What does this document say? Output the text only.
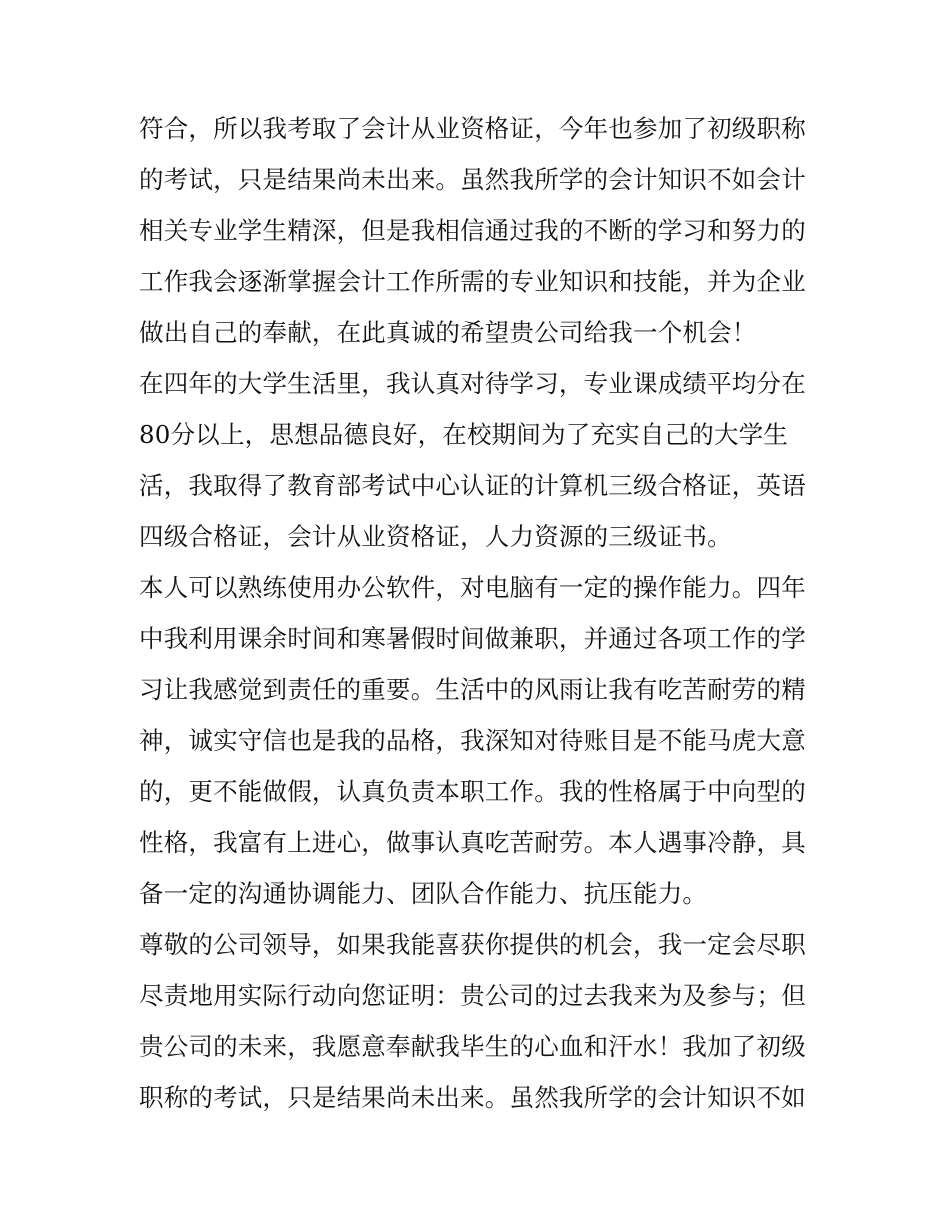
符合，所以我考取了会计从业资格证，今年也参加了初级职称的考试，只是结果尚未出来。虽然我所学的会计知识不如会计相关专业学生精深，但是我相信通过我的不断的学习和努力的工作我会逐渐掌握会计工作所需的专业知识和技能，并为企业做出自己的奉献，在此真诚的希望贵公司给我一个机会！

在四年的大学生活里，我认真对待学习，专业课成绩平均分在80分以上，思想品德良好，在校期间为了充实自己的大学生活，我取得了教育部考试中心认证的计算机三级合格证，英语四级合格证，会计从业资格证，人力资源的三级证书。

本人可以熟练使用办公软件，对电脑有一定的操作能力。四年中我利用课余时间和寒暑假时间做兼职，并通过各项工作的学习让我感觉到责任的重要。生活中的风雨让我有吃苦耐劳的精神，诚实守信也是我的品格，我深知对待账目是不能马虎大意的，更不能做假，认真负责本职工作。我的性格属于中向型的性格，我富有上进心，做事认真吃苦耐劳。本人遇事冷静，具备一定的沟通协调能力、团队合作能力、抗压能力。

尊敬的公司领导，如果我能喜获你提供的机会，我一定会尽职尽责地用实际行动向您证明：贵公司的过去我来为及参与；但贵公司的未来，我愿意奉献我毕生的心血和汗水！我加了初级职称的考试，只是结果尚未出来。虽然我所学的会计知识不如
